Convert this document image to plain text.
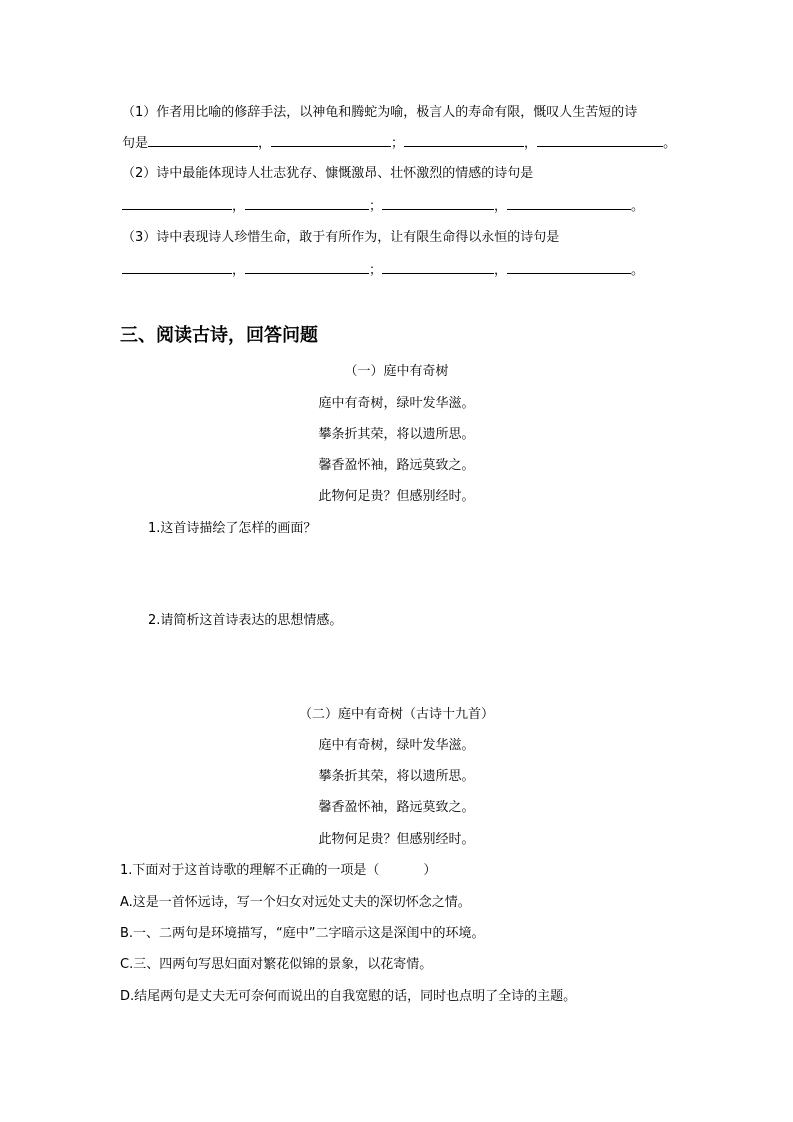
（1）作者用比喻的修辞手法，以神龟和腾蛇为喻，极言人的寿命有限，慨叹人生苦短的诗
句是	，	；	，	。
（2）诗中最能体现诗人壮志犹存、慷慨激昂、壮怀激烈的情感的诗句是
，	；	，	。
（3）诗中表现诗人珍惜生命，敢于有所作为，让有限生命得以永恒的诗句是
，	；	，	。
三、阅读古诗，回答问题
（一）庭中有奇树
庭中有奇树，绿叶发华滋。
攀条折其荣，将以遗所思。
馨香盈怀袖，路远莫致之。
此物何足贵？但感别经时。
1.这首诗描绘了怎样的画面？
2.请简析这首诗表达的思想情感。
（二）庭中有奇树（古诗十九首）
庭中有奇树，绿叶发华滋。
攀条折其荣，将以遗所思。
馨香盈怀袖，路远莫致之。
此物何足贵？但感别经时。
1.下面对于这首诗歌的理解不正确的一项是（	）
A.这是一首怀远诗，写一个妇女对远处丈夫的深切怀念之情。
B.一、二两句是环境描写，“庭中”二字暗示这是深闺中的环境。
C.三、四两句写思妇面对繁花似锦的景象，以花寄情。
D.结尾两句是丈夫无可奈何而说出的自我宽慰的话，同时也点明了全诗的主题。
